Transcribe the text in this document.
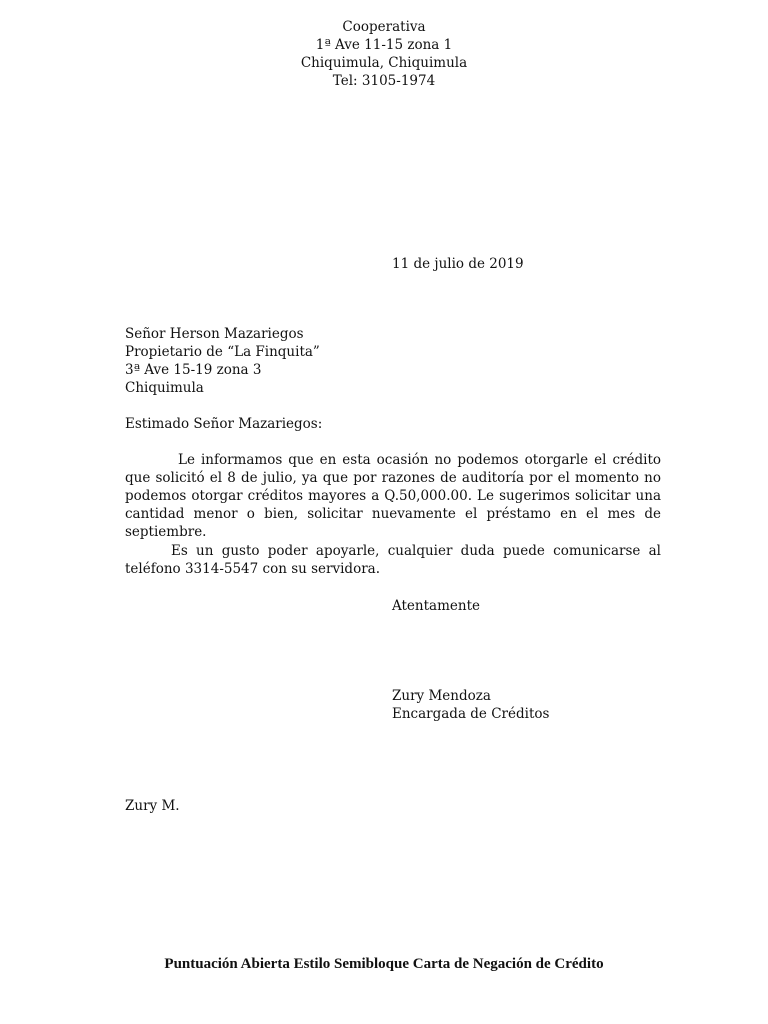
Cooperativa
1ª Ave 11-15 zona 1
Chiquimula, Chiquimula
Tel: 3105-1974
11 de julio de 2019
Señor Herson Mazariegos
Propietario de “La Finquita”
3ª Ave 15-19 zona 3
Chiquimula
Estimado Señor Mazariegos:
Le informamos que en esta ocasión no podemos otorgarle el crédito que solicitó el 8 de julio, ya que por razones de auditoría por el momento no podemos otorgar créditos mayores a Q.50,000.00. Le sugerimos solicitar una cantidad menor o bien, solicitar nuevamente el préstamo en el mes de septiembre.
Es un gusto poder apoyarle, cualquier duda puede comunicarse al teléfono 3314-5547 con su servidora.
Atentamente
Zury Mendoza
Encargada de Créditos
Zury M.
Puntuación Abierta Estilo Semibloque Carta de Negación de Crédito
